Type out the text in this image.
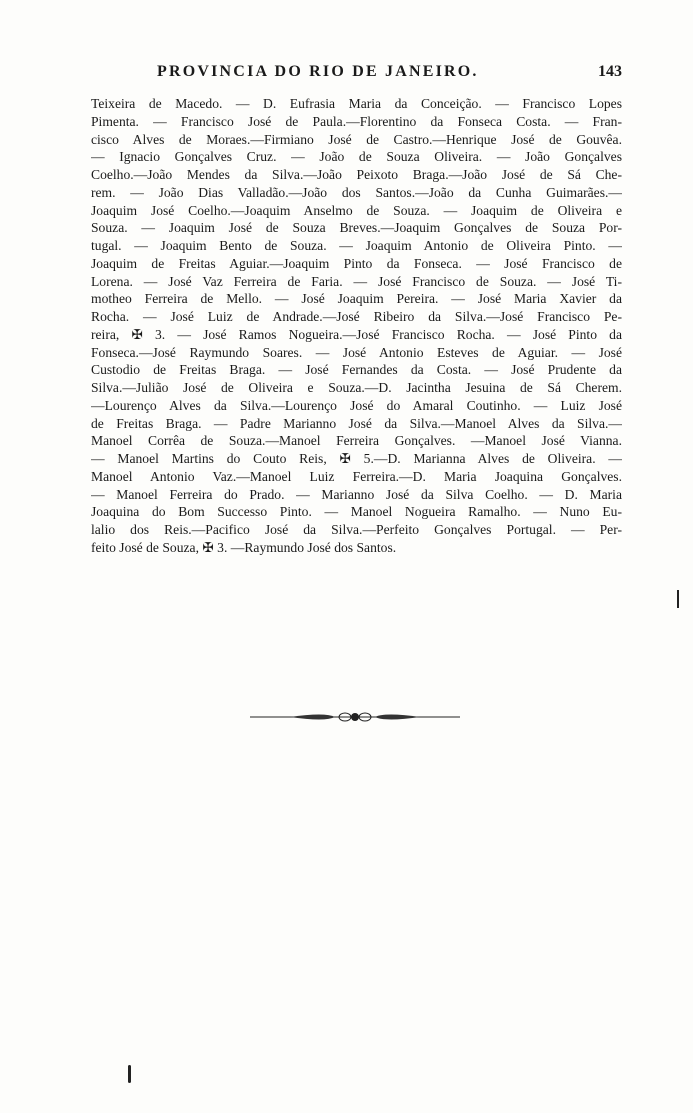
PROVINCIA DO RIO DE JANEIRO.	143
Teixeira de Macedo. — D. Eufrasia Maria da Conceição. — Francisco Lopes
Pimenta. — Francisco José de Paula.—Florentino da Fonseca Costa. — Fran-
cisco Alves de Moraes.—Firmiano José de Castro.—Henrique José de Gouvêa.
— Ignacio Gonçalves Cruz. — João de Souza Oliveira. — João Gonçalves
Coelho.—João Mendes da Silva.—João Peixoto Braga.—João José de Sá Che-
rem. — João Dias Valladão.—João dos Santos.—João da Cunha Guimarães.—
Joaquim José Coelho.—Joaquim Anselmo de Souza. — Joaquim de Oliveira e
Souza. — Joaquim José de Souza Breves.—Joaquim Gonçalves de Souza Por-
tugal. — Joaquim Bento de Souza. — Joaquim Antonio de Oliveira Pinto. —
Joaquim de Freitas Aguiar.—Joaquim Pinto da Fonseca. — José Francisco de
Lorena. — José Vaz Ferreira de Faria. — José Francisco de Souza. — José Ti-
motheo Ferreira de Mello. — José Joaquim Pereira. — José Maria Xavier da
Rocha. — José Luiz de Andrade.—José Ribeiro da Silva.—José Francisco Pe-
reira, ✠ 3. — José Ramos Nogueira.—José Francisco Rocha. — José Pinto da
Fonseca.—José Raymundo Soares. — José Antonio Esteves de Aguiar. — José
Custodio de Freitas Braga. — José Fernandes da Costa. — José Prudente da
Silva.—Julião José de Oliveira e Souza.—D. Jacintha Jesuina de Sá Cherem.
—Lourenço Alves da Silva.—Lourenço José do Amaral Coutinho. — Luiz José
de Freitas Braga. — Padre Marianno José da Silva.—Manoel Alves da Silva.—
Manoel Corrêa de Souza.—Manoel Ferreira Gonçalves. —Manoel José Vianna.
— Manoel Martins do Couto Reis, ✠ 5.—D. Marianna Alves de Oliveira. —
Manoel Antonio Vaz.—Manoel Luiz Ferreira.—D. Maria Joaquina Gonçalves.
— Manoel Ferreira do Prado. — Marianno José da Silva Coelho. — D. Maria
Joaquina do Bom Successo Pinto. — Manoel Nogueira Ramalho. — Nuno Eu-
lalio dos Reis.—Pacifico José da Silva.—Perfeito Gonçalves Portugal. — Per-
feito José de Souza, ✠ 3. —Raymundo José dos Santos.
